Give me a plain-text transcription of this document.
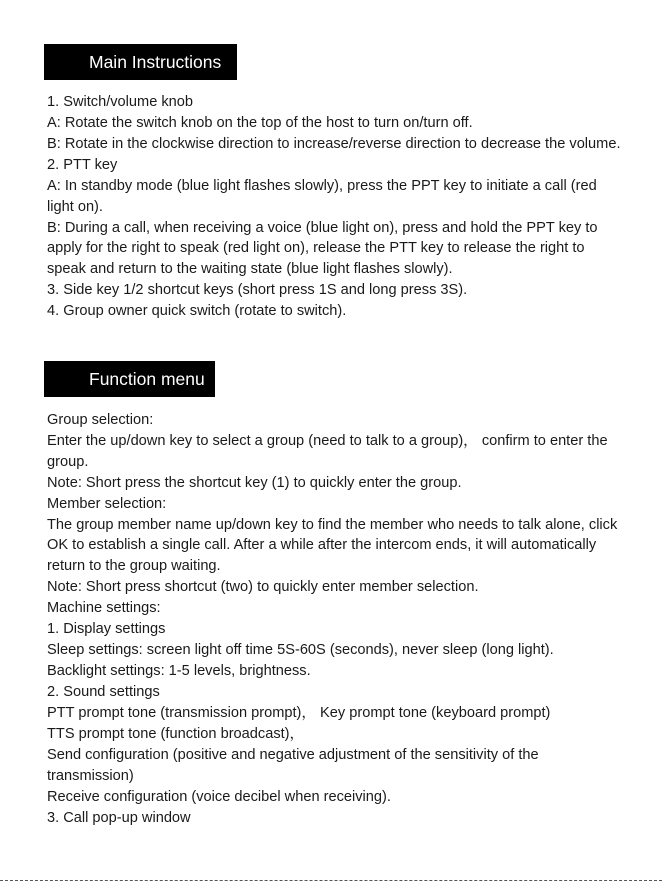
Main Instructions

1. Switch/volume knob

A: Rotate the switch knob on the top of the host to turn on/turn off.

B: Rotate in the clockwise direction to increase/reverse direction to decrease the volume.

2. PTT key

A: In standby mode (blue light flashes slowly), press the PPT key to initiate a call (red light on).

B: During a call, when receiving a voice (blue light on), press and hold the PPT key to apply for the right to speak (red light on), release the PTT key to release the right to speak and return to the waiting state (blue light flashes slowly).

3. Side key 1/2 shortcut keys (short press 1S and long press 3S).

4. Group owner quick switch (rotate to switch).

Function menu

Group selection:

Enter the up/down key to select a group (need to talk to a group)， confirm to enter the group.

Note: Short press the shortcut key (1) to quickly enter the group.

Member selection:

The group member name up/down key to find the member who needs to talk alone, click OK to establish a single call. After a while after the intercom ends, it will automatically return to the group waiting.

Note: Short press shortcut (two) to quickly enter member selection.

Machine settings:

1. Display settings

Sleep settings: screen light off time 5S-60S (seconds), never sleep (long light).

Backlight settings: 1-5 levels, brightness.

2. Sound settings

PTT prompt tone (transmission prompt)， Key prompt tone (keyboard prompt)

TTS prompt tone (function broadcast)，

Send configuration (positive and negative adjustment of the sensitivity of the transmission)

Receive configuration (voice decibel when receiving).

3. Call pop-up window
